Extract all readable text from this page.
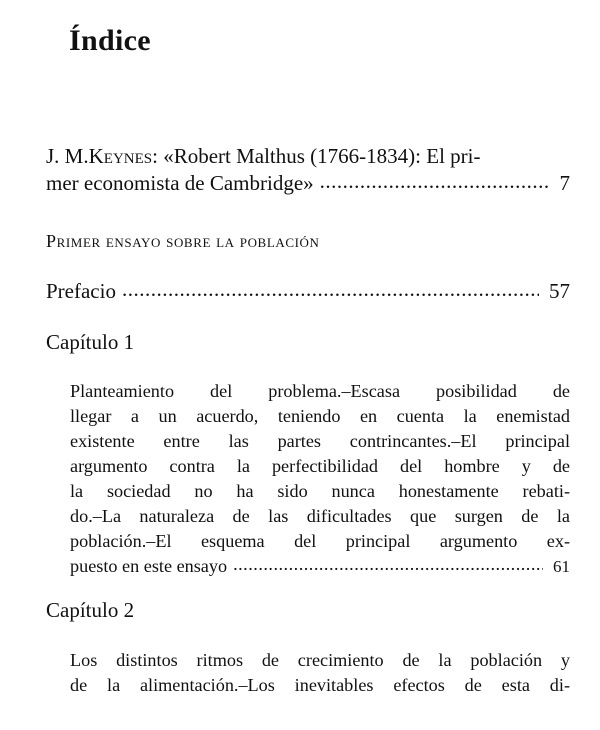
Índice
J. M. Keynes : «Robert Malthus (1766-1834): El pri-
mer economista de Cambridge» .....	7
Primer ensayo sobre la población
Prefacio .....	57
Capítulo 1
Planteamiento del problema.–Escasa posibilidad de
llegar a un acuerdo, teniendo en cuenta la enemistad
existente entre las partes contrincantes.–El principal
argumento contra la perfectibilidad del hombre y de
la sociedad no ha sido nunca honestamente rebati-
do.–La naturaleza de las dificultades que surgen de la
población.–El esquema del principal argumento ex-
puesto en este ensayo .....	61
Capítulo 2
Los distintos ritmos de crecimiento de la población y
de la alimentación.–Los inevitables efectos de esta di-
